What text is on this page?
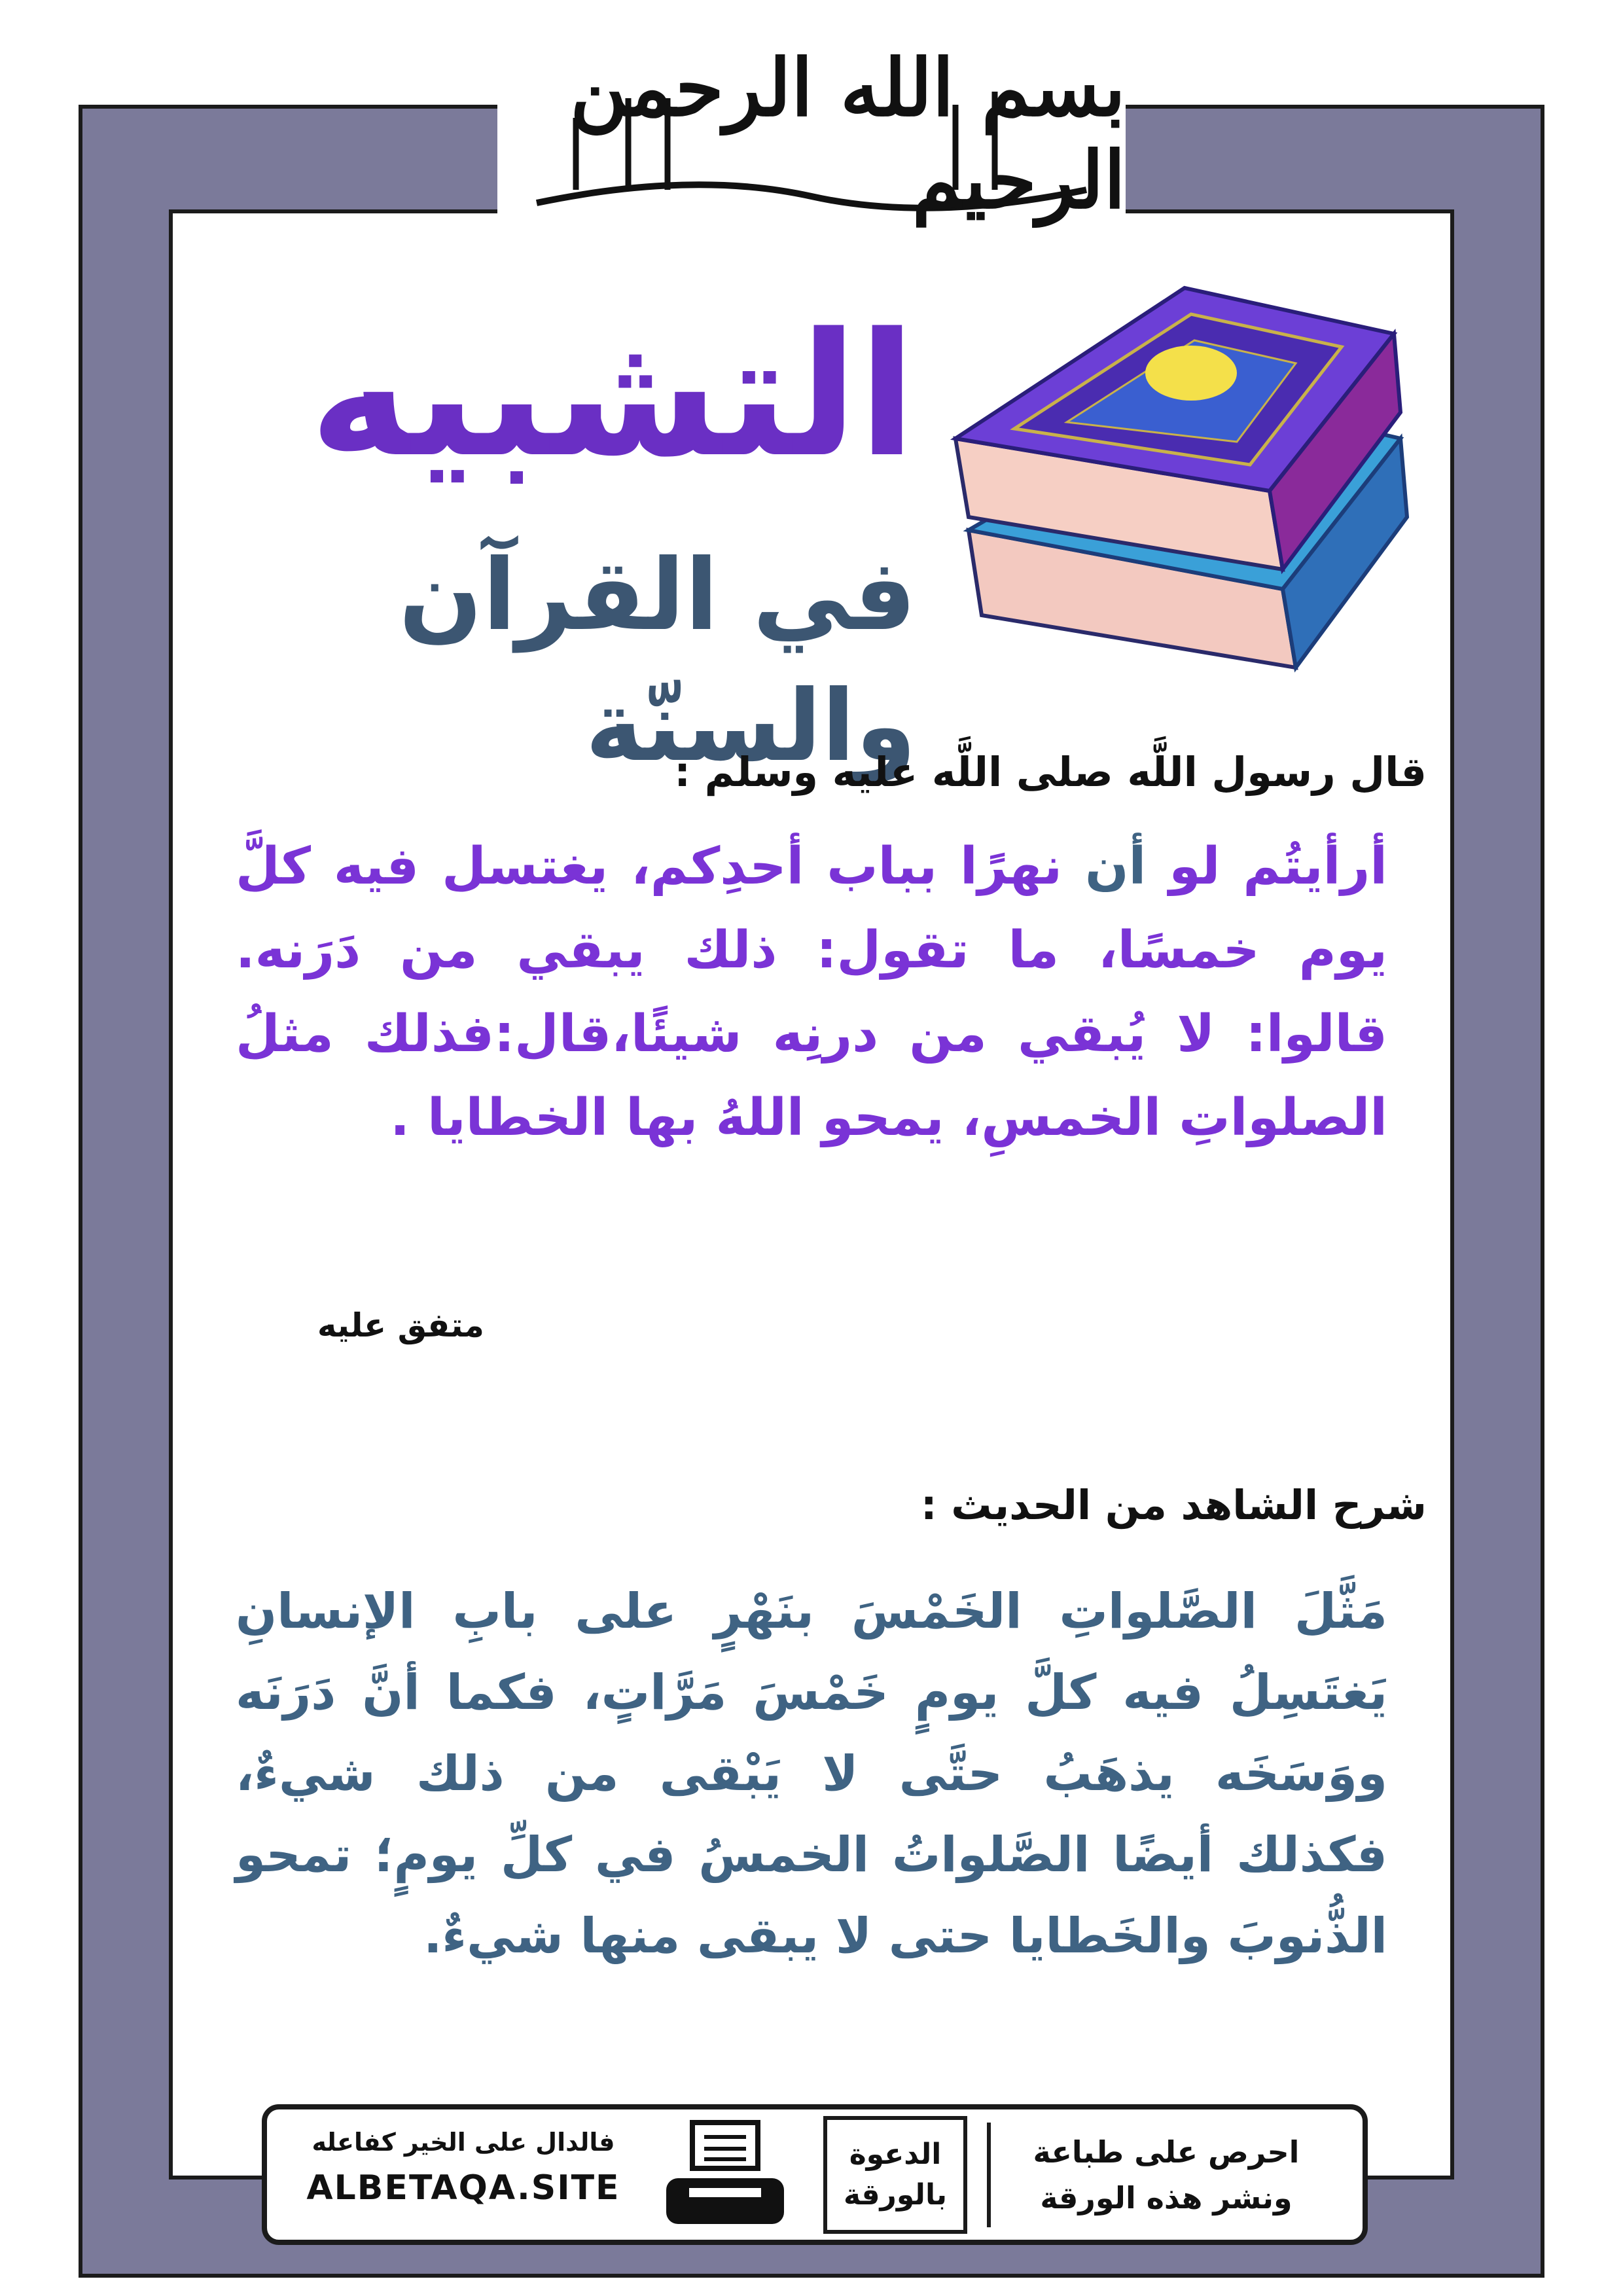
بسم الله الرحمن الرحيم
التشبيه
في القرآن والسنّة
قال رسول اللَّه صلى اللَّه عليه وسلم :
أرأيتُم لو أن نهرًا بباب أحدِكم، يغتسل فيه كلَّ يوم خمسًا، ما تقول: ذلك يبقي من دَرَنه. قالوا: لا يُبقي من درنِه شيئًا،قال:فذلك مثلُ الصلواتِ الخمسِ، يمحو اللهُ بها الخطايا .
متفق عليه
شرح الشاهد من الحديث :
مَثَّلَ الصَّلواتِ الخَمْسَ بنَهْرٍ على بابِ الإنسانِ يَغتَسِلُ فيه كلَّ يومٍ خَمْسَ مَرَّاتٍ، فكما أنَّ دَرَنَه ووَسَخَه يذهَبُ حتَّى لا يَبْقى من ذلك شيءٌ، فكذلك أيضًا الصَّلواتُ الخمسُ في كلِّ يومٍ؛ تمحو الذُّنوبَ والخَطايا حتى لا يبقى منها شيءٌ.
فالدال على الخير كفاعله
ALBETAQA.SITE
الدعوة
بالورقة
احرص على طباعة
ونشر هذه الورقة
